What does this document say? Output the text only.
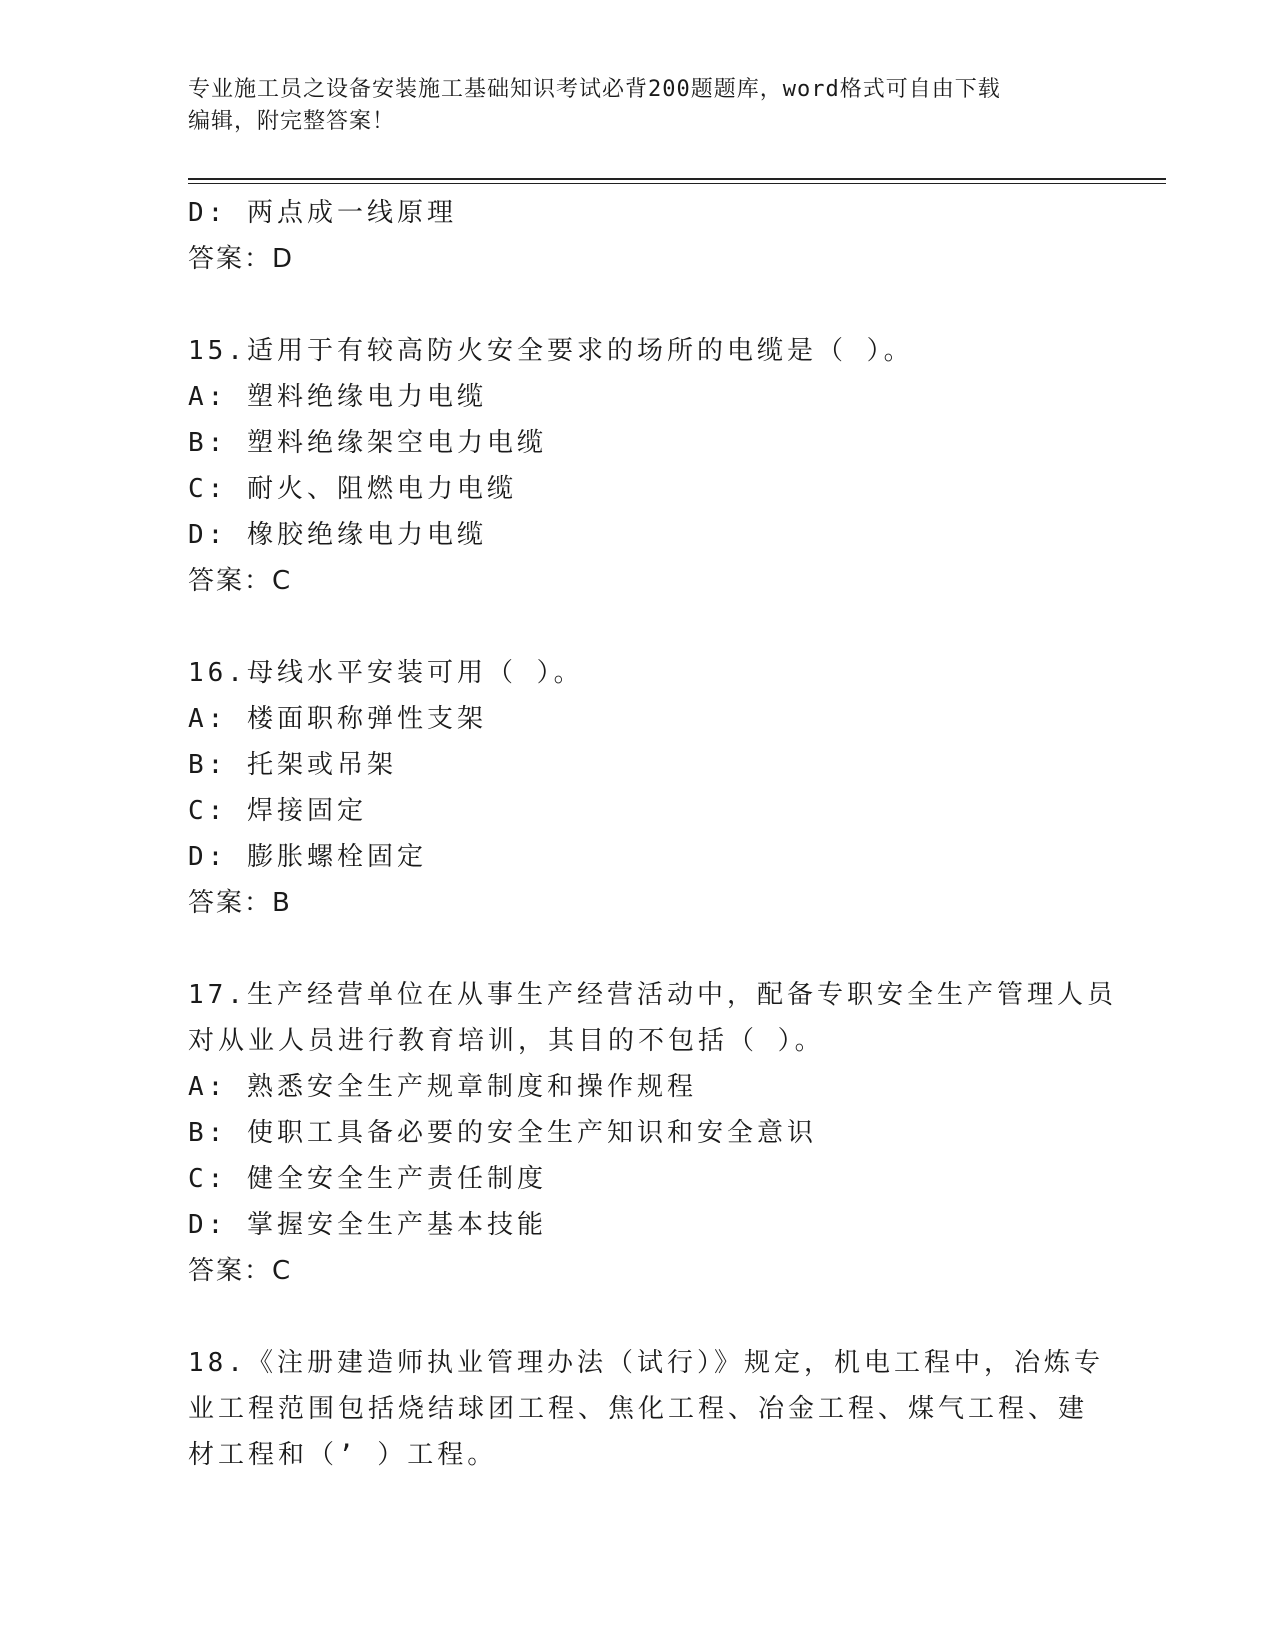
专业施工员之设备安装施工基础知识考试必背200题题库，word格式可自由下载
编辑，附完整答案！
D: 两点成一线原理
答案：D
15.适用于有较高防火安全要求的场所的电缆是（ ）。
A: 塑料绝缘电力电缆
B: 塑料绝缘架空电力电缆
C: 耐火、阻燃电力电缆
D: 橡胶绝缘电力电缆
答案：C
16.母线水平安装可用（ ）。
A: 楼面职称弹性支架
B: 托架或吊架
C: 焊接固定
D: 膨胀螺栓固定
答案：B
17.生产经营单位在从事生产经营活动中，配备专职安全生产管理人员
对从业人员进行教育培训，其目的不包括（ ）。
A: 熟悉安全生产规章制度和操作规程
B: 使职工具备必要的安全生产知识和安全意识
C: 健全安全生产责任制度
D: 掌握安全生产基本技能
答案：C
18.《注册建造师执业管理办法（试行）》规定，机电工程中，冶炼专
业工程范围包括烧结球团工程、焦化工程、冶金工程、煤气工程、建
材工程和（’ ）工程。
